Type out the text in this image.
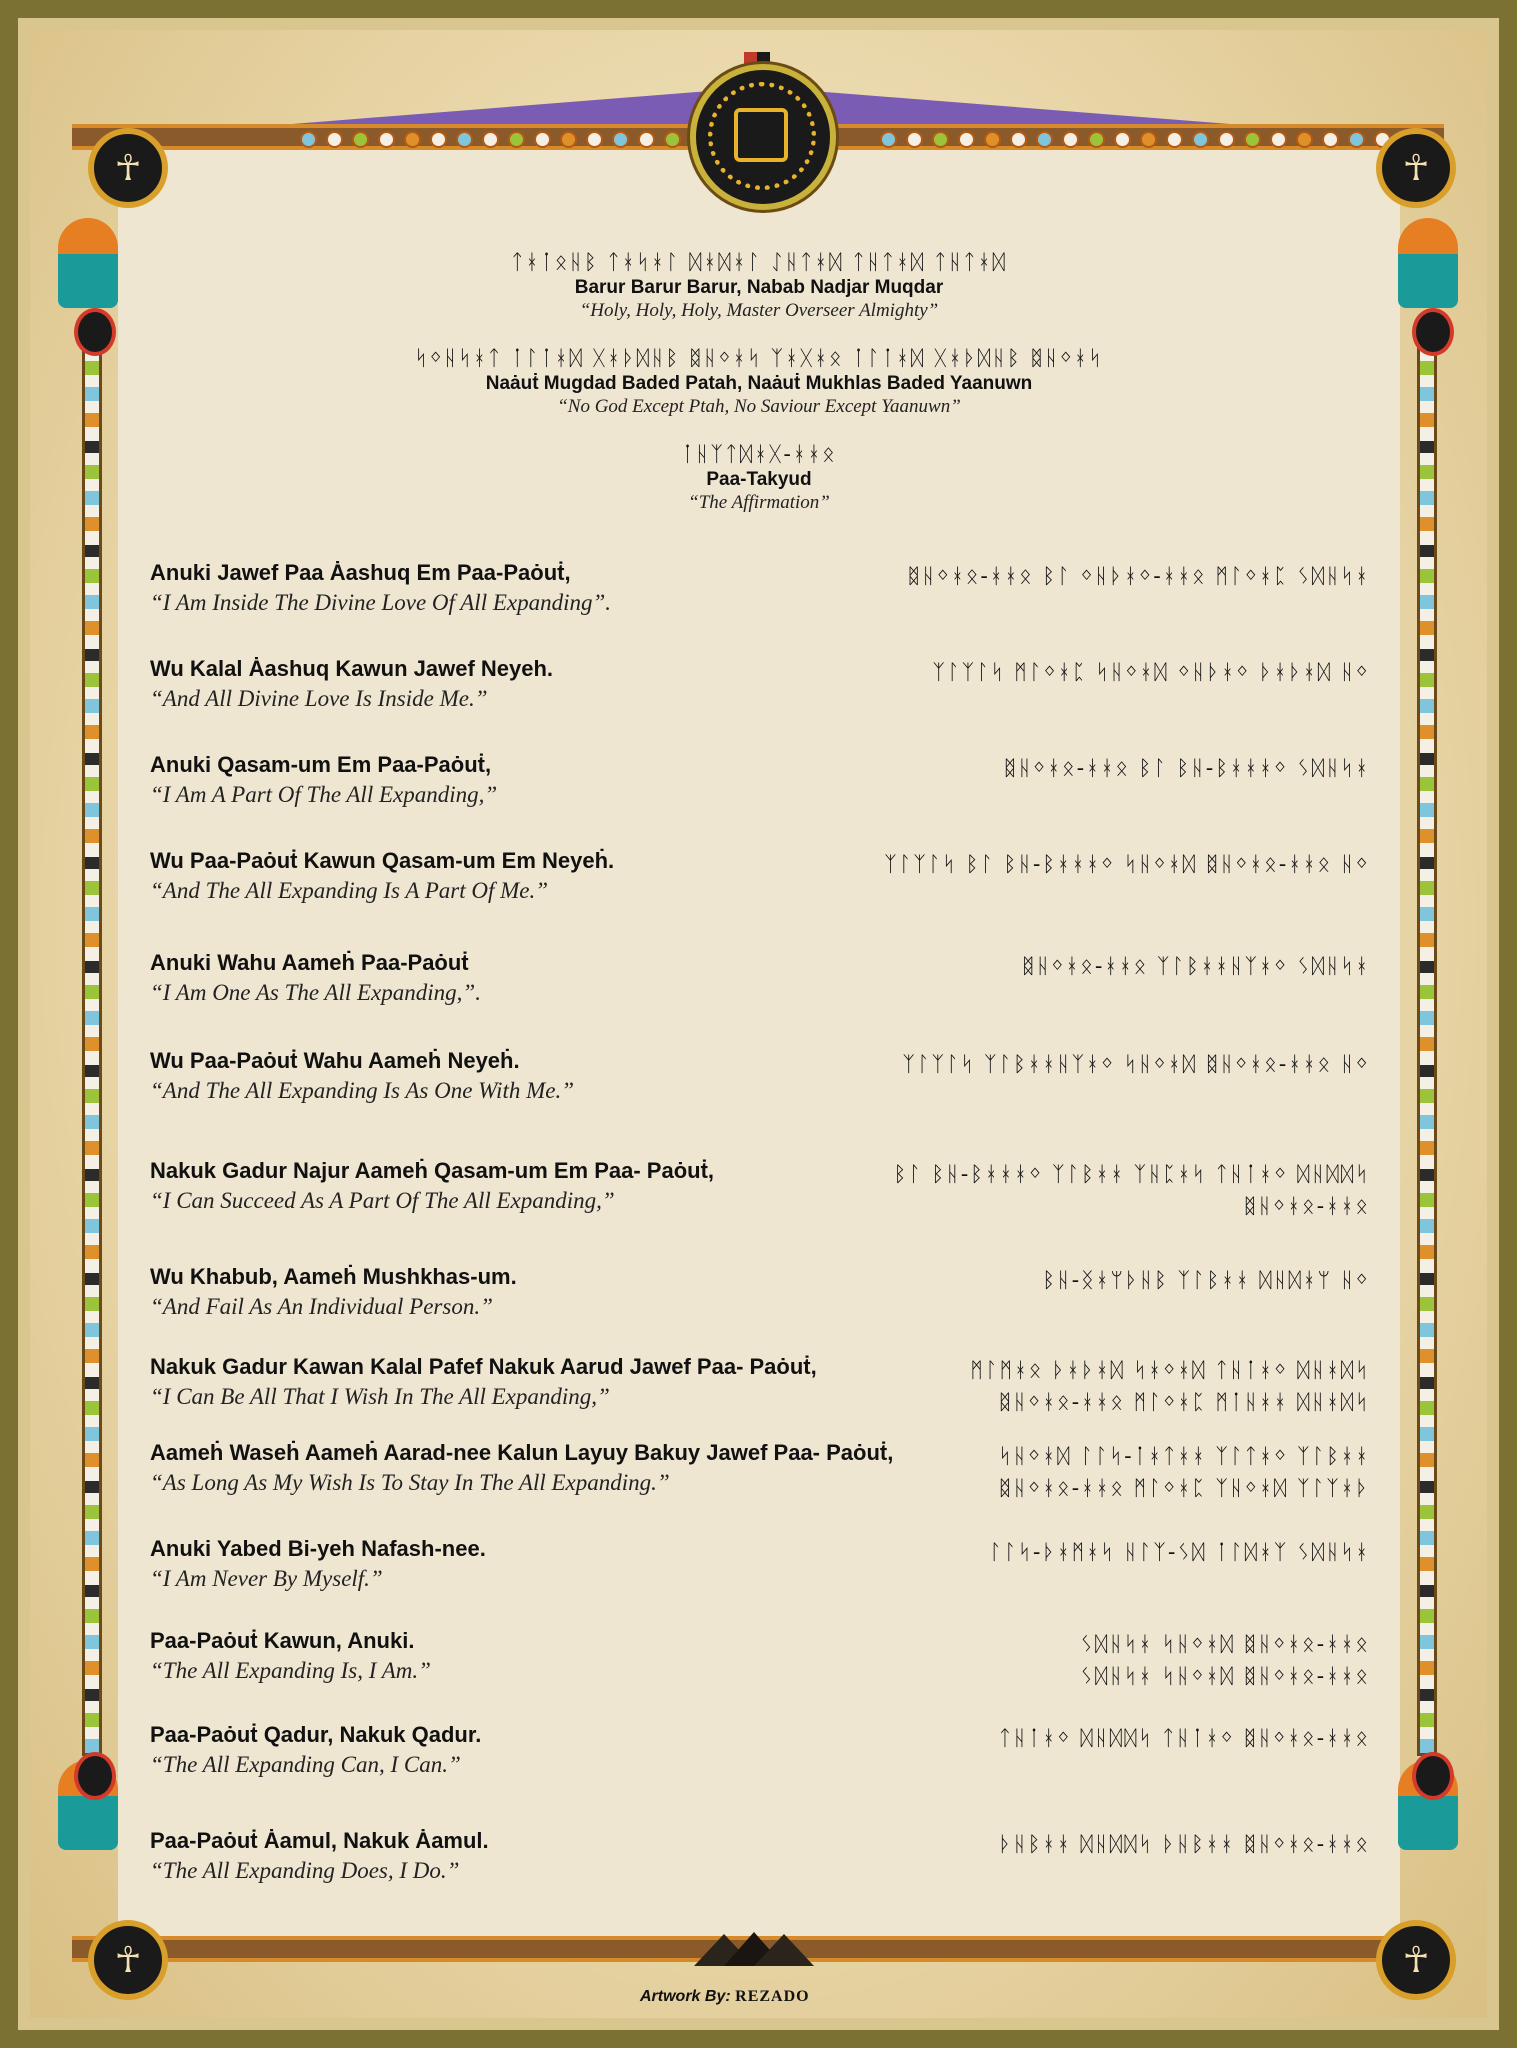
☥	☥
☥	☥
ᛏᚼᛙᛟᚺᛒ ᛏᚼᛋᚼᛚ ᛞᚼᛞᚼᛚ ᛇᚺᛏᚼᛞ ᛏᚺᛏᚼᛞ ᛏᚺᛏᚼᛞ
Barur Barur Barur, Nabab Nadjar Muqdar
“Holy, Holy, Holy, Master Overseer Almighty”
ᛋᛜᚺᛋᚼᛏ ᛙᛚᛙᚼᛞ ᚷᚼᚦᛞᚺᛒ ᛥᚺᛜᚼᛋ ᛉᚼᚷᚼᛟ ᛙᛚᛙᚼᛞ ᚷᚼᚦᛞᚺᛒ ᛥᚺᛜᚼᛋ
Naȧuṫ Mugdad Baded Patah, Naȧuṫ Mukhlas Baded Yaanuwn
“No God Except Ptah, No Saviour Except Yaanuwn”
ᛙᚺᛉᛏᛞᚼᚷ-ᚼᚼᛟ
Paa-Takyud
“The Affirmation”
Anuki Jawef Paa Ȧashuq Em Paa-Paȯuṫ,
“I Am Inside The Divine Love Of All Expanding”.
ᛥᚺᛜᚼᛟ-ᚼᚼᛟ ᛒᛚ ᛜᚺᚦᚼᛜ-ᚼᚼᛟ ᛗᛚᛜᚼᛈ ᛊᛞᚺᛋᚼ
Wu Kalal Ȧashuq Kawun Jawef Neyeh.
“And All Divine Love Is Inside Me.”
ᛉᛚᛉᛚᛋ ᛗᛚᛜᚼᛈ ᛋᚺᛜᚼᛞ ᛜᚺᚦᚼᛜ ᚦᚼᚦᚼᛞ ᚺᛜ
Anuki Qasam-um Em Paa-Paȯuṫ,
“I Am A Part Of The All Expanding,”
ᛥᚺᛜᚼᛟ-ᚼᚼᛟ ᛒᛚ ᛒᚺ-ᛒᚼᚼᚼᛜ ᛊᛞᚺᛋᚼ
Wu Paa-Paȯuṫ Kawun Qasam-um Em Neyeḣ.
“And The All Expanding Is A Part Of Me.”
ᛉᛚᛉᛚᛋ ᛒᛚ ᛒᚺ-ᛒᚼᚼᚼᛜ ᛋᚺᛜᚼᛞ ᛥᚺᛜᚼᛟ-ᚼᚼᛟ ᚺᛜ
Anuki Wahu Aameḣ Paa-Paȯuṫ
“I Am One As The All Expanding,”.
ᛥᚺᛜᚼᛟ-ᚼᚼᛟ ᛉᛚᛒᚼᚼᚺᛉᚼᛜ ᛊᛞᚺᛋᚼ
Wu Paa-Paȯuṫ Wahu Aameḣ Neyeḣ.
“And The All Expanding Is As One With Me.”
ᛉᛚᛉᛚᛋ ᛉᛚᛒᚼᚼᚺᛉᚼᛜ ᛋᚺᛜᚼᛞ ᛥᚺᛜᚼᛟ-ᚼᚼᛟ ᚺᛜ
Nakuk Gadur Najur Aameḣ Qasam-um Em Paa- Paȯuṫ,
“I Can Succeed As A Part Of The All Expanding,”
ᛒᛚ ᛒᚺ-ᛒᚼᚼᚼᛜ ᛉᛚᛒᚼᚼ ᛉᚺᛈᚼᛋ ᛏᚺᛙᚼᛜ ᛞᚺᛞᛞᛋ
ᛥᚺᛜᚼᛟ-ᚼᚼᛟ
Wu Khabub, Aameḣ Mushkhas-um.
“And Fail As An Individual Person.”
ᛒᚺ-ᛝᚼᛘᚦᚺᛒ ᛉᛚᛒᚼᚼ ᛞᚺᛞᚼᛘ ᚺᛜ
Nakuk Gadur Kawan Kalal Pafef Nakuk Aarud Jawef Paa- Paȯuṫ,
“I Can Be All That I Wish In The All Expanding,”
ᛗᛚᛗᚼᛟ ᚦᚼᚦᚼᛞ ᛋᚼᛜᚼᛞ ᛏᚺᛙᚼᛜ ᛞᚺᚼᛞᛋ
ᛥᚺᛜᚼᛟ-ᚼᚼᛟ ᛗᛚᛜᚼᛈ ᛗᛙᚺᚼᚼ ᛞᚺᚼᛞᛋ
Aameḣ Waseḣ Aameḣ Aarad-nee Kalun Layuy Bakuy Jawef Paa- Paȯuṫ,
“As Long As My Wish Is To Stay In The All Expanding.”
ᛋᚺᛜᚼᛞ ᛚᛚᛋ-ᛙᚼᛏᚼᚼ ᛉᛚᛏᚼᛜ ᛉᛚᛒᚼᚼ
ᛥᚺᛜᚼᛟ-ᚼᚼᛟ ᛗᛚᛜᚼᛈ ᛉᚺᛜᚼᛞ ᛉᛚᛉᚼᚦ
Anuki Yabed Bi-yeh Nafash-nee.
“I Am Never By Myself.”
ᛚᛚᛋ-ᚦᚼᛗᚼᛋ ᚺᛚᛉ-ᛊᛞ ᛙᛚᛞᚼᛉ ᛊᛞᚺᛋᚼ
Paa-Paȯuṫ Kawun, Anuki.
“The All Expanding Is, I Am.”
ᛊᛞᚺᛋᚼ ᛋᚺᛜᚼᛞ ᛥᚺᛜᚼᛟ-ᚼᚼᛟ
ᛊᛞᚺᛋᚼ ᛋᚺᛜᚼᛞ ᛥᚺᛜᚼᛟ-ᚼᚼᛟ
Paa-Paȯuṫ Qadur, Nakuk Qadur.
“The All Expanding Can, I Can.”
ᛏᚺᛙᚼᛜ ᛞᚺᛞᛞᛋ ᛏᚺᛙᚼᛜ ᛥᚺᛜᚼᛟ-ᚼᚼᛟ
Paa-Paȯuṫ Ȧamul, Nakuk Ȧamul.
“The All Expanding Does, I Do.”
ᚦᚺᛒᚼᚼ ᛞᚺᛞᛞᛋ ᚦᚺᛒᚼᚼ ᛥᚺᛜᚼᛟ-ᚼᚼᛟ
Artwork By: REZADO
